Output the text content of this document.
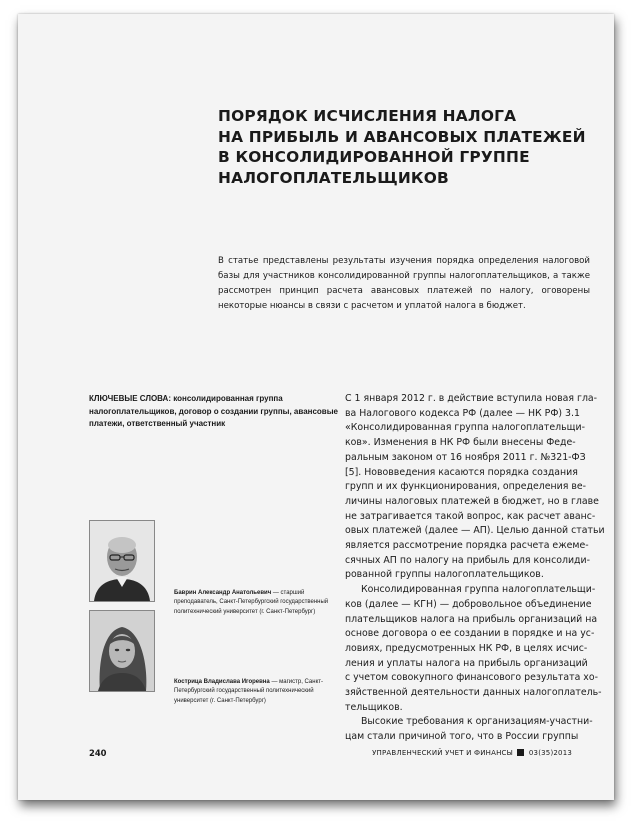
ПОРЯДОК ИСЧИСЛЕНИЯ НАЛОГА
НА ПРИБЫЛЬ И АВАНСОВЫХ ПЛАТЕЖЕЙ
В КОНСОЛИДИРОВАННОЙ ГРУППЕ
НАЛОГОПЛАТЕЛЬЩИКОВ
В статье представлены результаты изучения порядка определения налоговой базы для участников консолидированной группы налогоплательщиков, а также рассмотрен принцип расчета авансовых платежей по налогу, оговорены некоторые нюансы в связи с расчетом и уплатой налога в бюджет.
КЛЮЧЕВЫЕ СЛОВА: консолидированная группа налогоплательщиков, договор о создании группы, авансовые платежи, ответственный участник
С 1 января 2012 г. в действие вступила новая гла-
ва Налогового кодекса РФ (далее — НК РФ) 3.1
«Консолидированная группа налогоплательщи-
ков». Изменения в НК РФ были внесены Феде-
ральным законом от 16 ноября 2011 г. №321-ФЗ
[5]. Нововведения касаются порядка создания
групп и их функционирования, определения ве-
личины налоговых платежей в бюджет, но в главе
не затрагивается такой вопрос, как расчет аванс-
овых платежей (далее — АП). Целью данной статьи
является рассмотрение порядка расчета ежеме-
сячных АП по налогу на прибыль для консолиди-
рованной группы налогоплательщиков.
Консолидированная группа налогоплательщи-
ков (далее — КГН) — добровольное объединение
плательщиков налога на прибыль организаций на
основе договора о ее создании в порядке и на ус-
ловиях, предусмотренных НК РФ, в целях исчис-
ления и уплаты налога на прибыль организаций
с учетом совокупного финансового результата хо-
зяйственной деятельности данных налогоплатель-
тельщиков.
Высокие требования к организациям-участни-
цам стали причиной того, что в России группы
Баврин Александр Анатольевич — старший преподаватель, Санкт-Петербургский государственный политехнический университет (г. Санкт-Петербург)
Кострица Владислава Игоревна — магистр, Санкт-Петербургский государственный политехнический университет (г. Санкт-Петербург)
240	УПРАВЛЕНЧЕСКИЙ УЧЕТ И ФИНАНСЫ 03(35)2013
